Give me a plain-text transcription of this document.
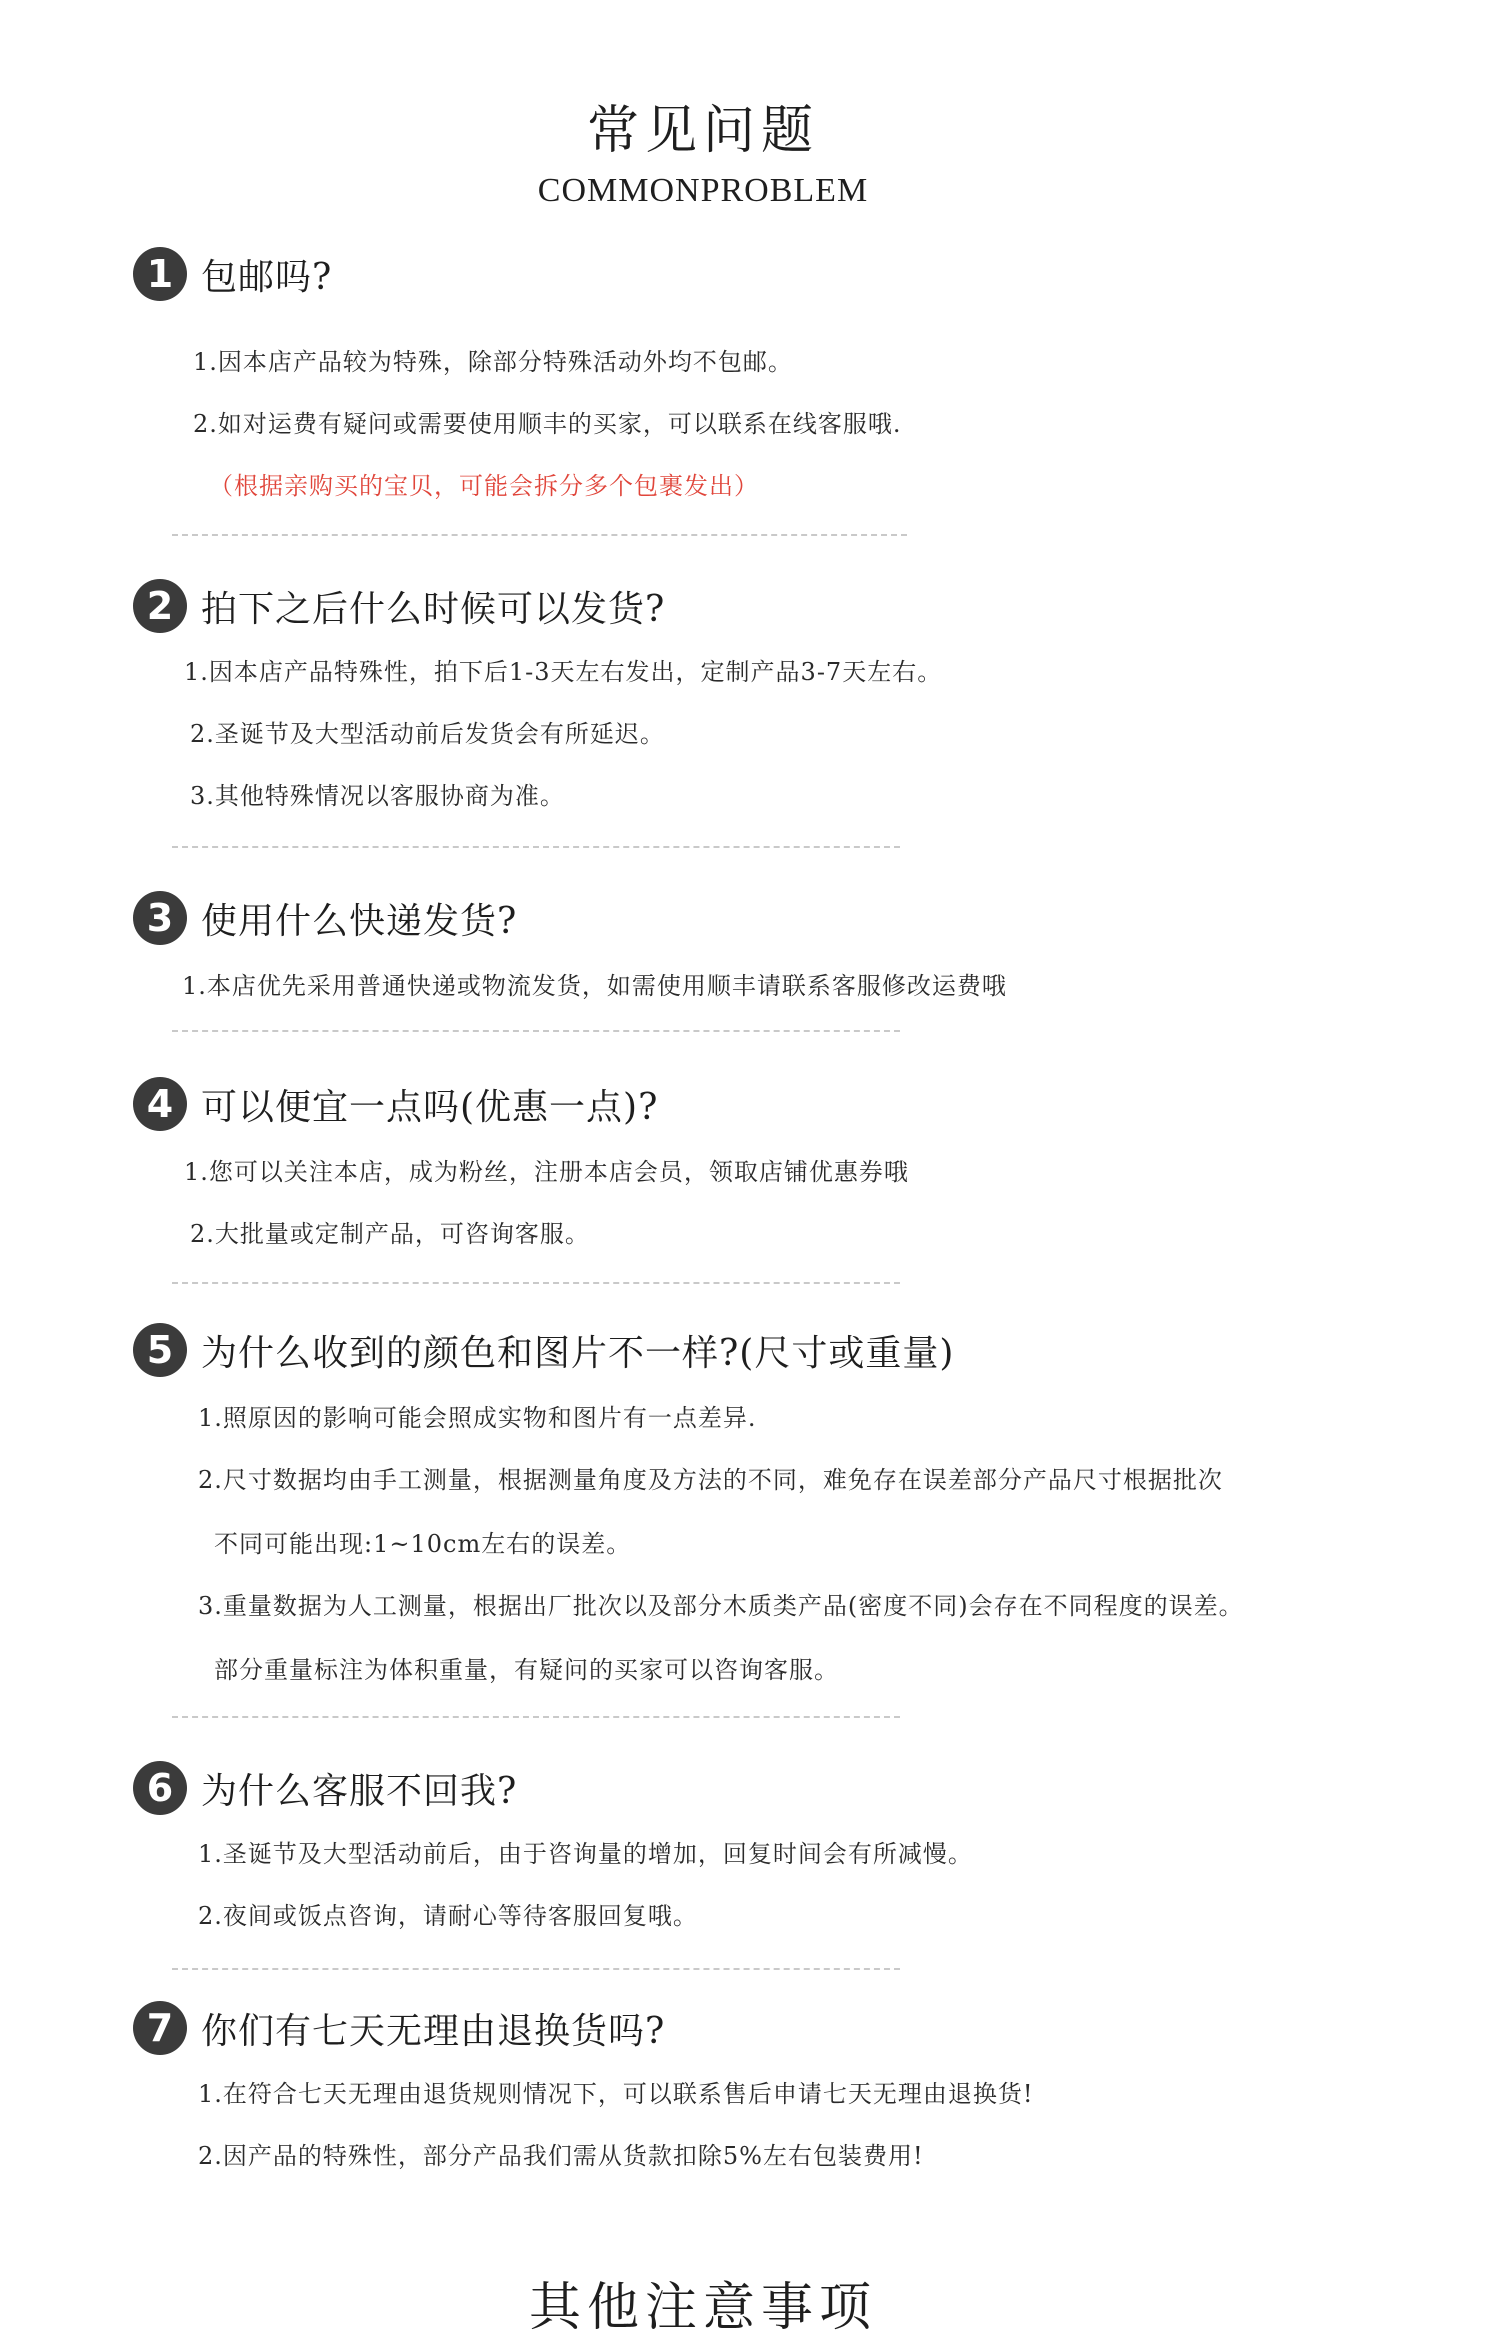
常见问题
COMMONPROBLEM
1 包邮吗?
1.因本店产品较为特殊，除部分特殊活动外均不包邮。
2.如对运费有疑问或需要使用顺丰的买家，可以联系在线客服哦.
（根据亲购买的宝贝，可能会拆分多个包裹发出）
2 拍下之后什么时候可以发货?
1.因本店产品特殊性，拍下后1-3天左右发出，定制产品3-7天左右。
2.圣诞节及大型活动前后发货会有所延迟。
3.其他特殊情况以客服协商为准。
3 使用什么快递发货?
1.本店优先采用普通快递或物流发货，如需使用顺丰请联系客服修改运费哦
4 可以便宜一点吗(优惠一点)?
1.您可以关注本店，成为粉丝，注册本店会员，领取店铺优惠券哦
2.大批量或定制产品，可咨询客服。
5 为什么收到的颜色和图片不一样?(尺寸或重量)
1.照原因的影响可能会照成实物和图片有一点差异.
2.尺寸数据均由手工测量，根据测量角度及方法的不同，难免存在误差部分产品尺寸根据批次
不同可能出现:1~10cm左右的误差。
3.重量数据为人工测量，根据出厂批次以及部分木质类产品(密度不同)会存在不同程度的误差。
部分重量标注为体积重量，有疑问的买家可以咨询客服。
6 为什么客服不回我?
1.圣诞节及大型活动前后，由于咨询量的增加，回复时间会有所减慢。
2.夜间或饭点咨询，请耐心等待客服回复哦。
7 你们有七天无理由退换货吗?
1.在符合七天无理由退货规则情况下，可以联系售后申请七天无理由退换货!
2.因产品的特殊性，部分产品我们需从货款扣除5%左右包装费用!
其他注意事项
